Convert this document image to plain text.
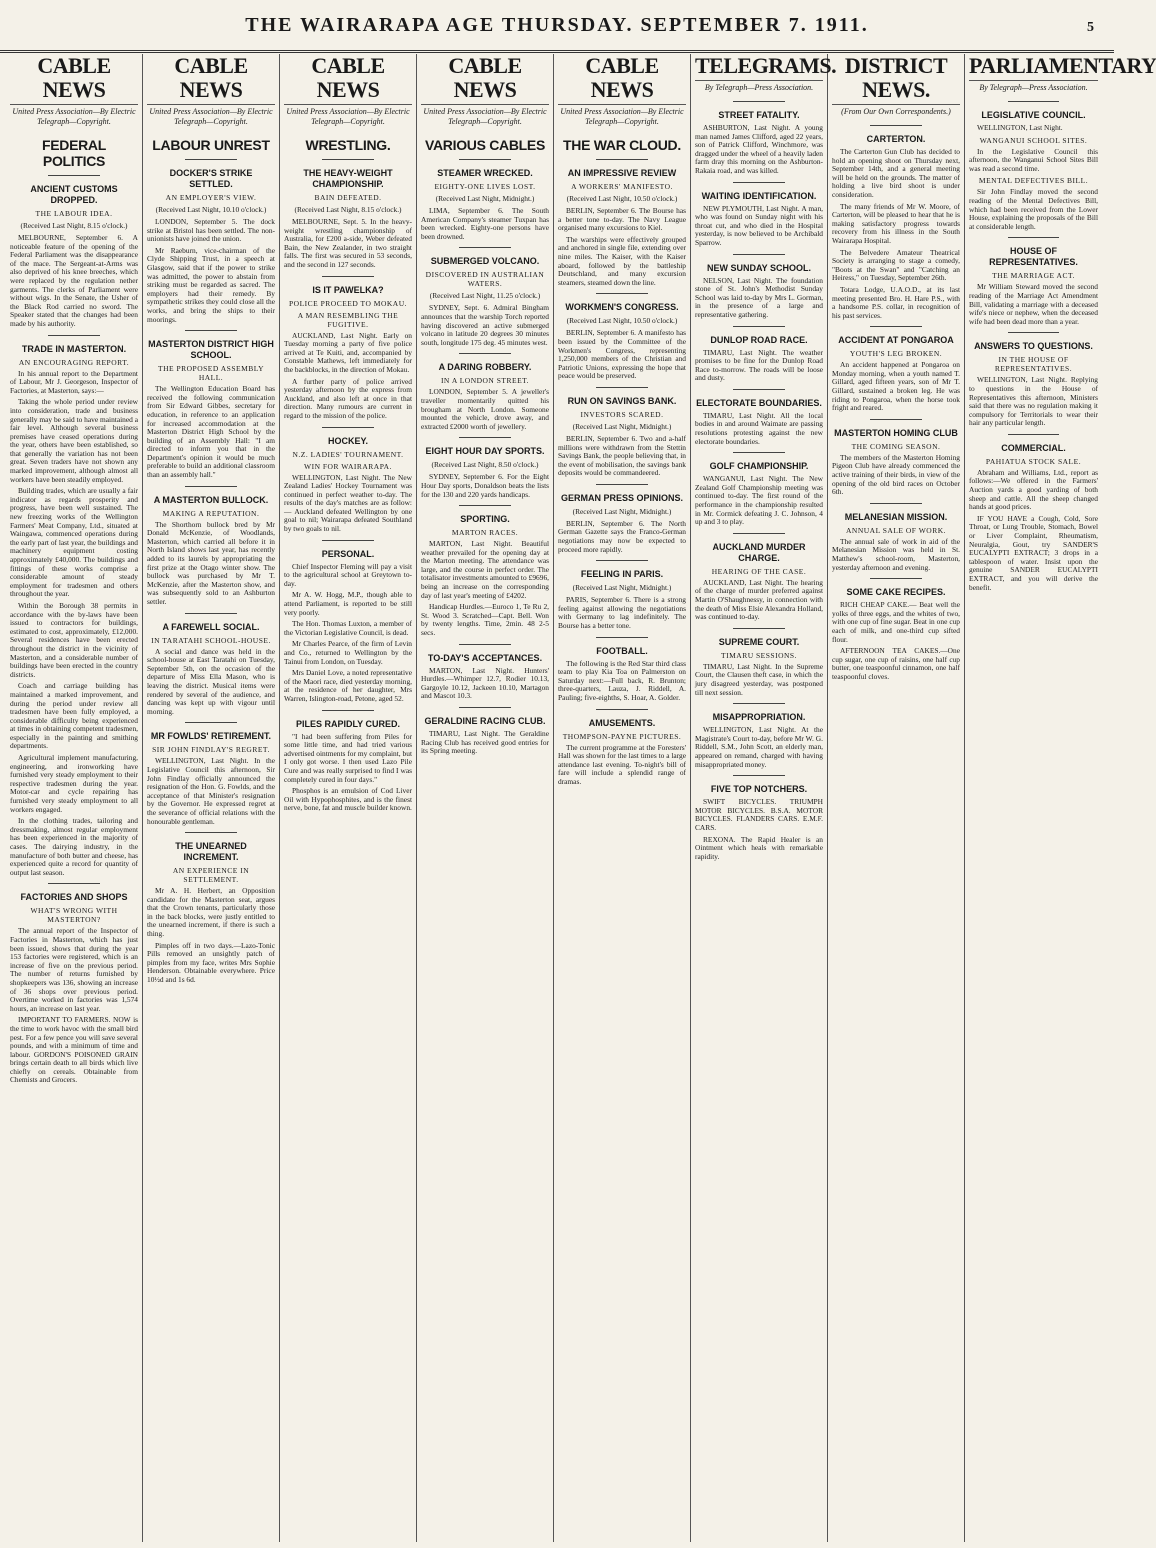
THE WAIRARAPA AGE THURSDAY. SEPTEMBER 7. 1911.	5
CABLE NEWS
United Press Association—By Electric Telegraph—Copyright.
FEDERAL POLITICS
ANCIENT CUSTOMS DROPPED.
THE LABOUR IDEA.
(Received Last Night, 8.15 o'clock.)

MELBOURNE, September 6. A noticeable feature of the opening of the Federal Parliament was the disappearance of the mace. The Sergeant-at-Arms was also deprived of his knee breeches, which were replaced by the regulation nether garments. The clerks of Parliament were without wigs. In the Senate, the Usher of the Black Rod carried no sword. The Speaker stated that the changes had been made by his authority.

TRADE IN MASTERTON.
AN ENCOURAGING REPORT.

In his annual report to the Department of Labour, Mr J. Georgeson, Inspector of Factories, at Masterton, says:—

Taking the whole period under review into consideration, trade and business generally may be said to have maintained a fair level. Although several business premises have ceased operations during the year, others have been established, so that generally the variation has not been great. Seven traders have not shown any marked improvement, although almost all workers have been steadily employed.

Building trades, which are usually a fair indicator as regards prosperity and progress, have been well sustained. The new freezing works of the Wellington Farmers' Meat Company, Ltd., situated at Waingawa, commenced operations during the early part of last year, the buildings and machinery equipment costing approximately £40,000. The buildings and fittings of these works comprise a considerable amount of steady employment for tradesmen and others throughout the year.

Within the Borough 38 permits in accordance with the by-laws have been issued to contractors for buildings, estimated to cost, approximately, £12,000. Several residences have been erected throughout the district in the vicinity of Masterton, and a considerable number of buildings have been erected in the country districts.

Coach and carriage building has maintained a marked improvement, and during the period under review all tradesmen have been fully employed, a considerable difficulty being experienced at times in obtaining competent tradesmen, especially in the painting and smithing departments.

Agricultural implement manufacturing, engineering, and ironworking have furnished very steady employment to their respective tradesmen during the year. Motor-car and cycle repairing has furnished very steady employment to all workers engaged.

In the clothing trades, tailoring and dressmaking, almost regular employment has been experienced in the majority of cases. The dairying industry, in the manufacture of both butter and cheese, has experienced quite a record for quantity of output last season.

FACTORIES AND SHOPS
WHAT'S WRONG WITH MASTERTON?

The annual report of the Inspector of Factories in Masterton, which has just been issued, shows that during the year 153 factories were registered, which is an increase of five on the previous period. The number of returns furnished by shopkeepers was 136, showing an increase of 36 shops over previous period. Overtime worked in factories was 1,574 hours, an increase on last year.

IMPORTANT TO FARMERS. NOW is the time to work havoc with the small bird pest. For a few pence you will save several pounds, and with a minimum of time and labour. GORDON'S POISONED GRAIN brings certain death to all birds which live chiefly on cereals. Obtainable from Chemists and Grocers.

CABLE NEWS
United Press Association—By Electric Telegraph—Copyright.
LABOUR UNREST
DOCKER'S STRIKE SETTLED.
AN EMPLOYER'S VIEW.
(Received Last Night, 10.10 o'clock.)

LONDON, September 5. The dock strike at Bristol has been settled. The non-unionists have joined the union.

Mr Raeburn, vice-chairman of the Clyde Shipping Trust, in a speech at Glasgow, said that if the power to strike was admitted, the power to abstain from striking must be regarded as sacred. The employers had their remedy. By sympathetic strikes they could close all the works, and bring the ships to their moorings.

MASTERTON DISTRICT HIGH SCHOOL.
THE PROPOSED ASSEMBLY HALL.

The Wellington Education Board has received the following communication from Sir Edward Gibbes, secretary for education, in reference to an application for increased accommodation at the Masterton District High School by the building of an Assembly Hall: "I am directed to inform you that in the Department's opinion it would be much preferable to build an additional classroom than an assembly hall."

A MASTERTON BULLOCK.
MAKING A REPUTATION.

The Shorthorn bullock bred by Mr Donald McKenzie, of Woodlands, Masterton, which carried all before it in North Island shows last year, has recently added to its laurels by appropriating the first prize at the Otago winter show. The bullock was purchased by Mr T. McKenzie, after the Masterton show, and was subsequently sold to an Ashburton settler.

A FAREWELL SOCIAL.
IN TARATAHI SCHOOL-HOUSE.

A social and dance was held in the school-house at East Taratahi on Tuesday, September 5th, on the occasion of the departure of Miss Ella Mason, who is leaving the district. Musical items were rendered by several of the audience, and dancing was kept up with vigour until morning.

MR FOWLDS' RETIREMENT.
SIR JOHN FINDLAY'S REGRET.

WELLINGTON, Last Night. In the Legislative Council this afternoon, Sir John Findlay officially announced the resignation of the Hon. G. Fowlds, and the acceptance of that Minister's resignation by the Governor. He expressed regret at the severance of official relations with the honourable gentleman.

THE UNEARNED INCREMENT.
AN EXPERIENCE IN SETTLEMENT.

Mr A. H. Herbert, an Opposition candidate for the Masterton seat, argues that the Crown tenants, particularly those in the back blocks, were justly entitled to the unearned increment, if there is such a thing.

Pimples off in two days.—Lazo-Tonic Pills removed an unsightly patch of pimples from my face, writes Mrs Sophie Henderson. Obtainable everywhere. Price 10½d and 1s 6d.

CABLE NEWS
United Press Association—By Electric Telegraph—Copyright.
WRESTLING.
THE HEAVY-WEIGHT CHAMPIONSHIP.
BAIN DEFEATED.
(Received Last Night, 8.15 o'clock.)

MELBOURNE, Sept. 5. In the heavy-weight wrestling championship of Australia, for £200 a-side, Weber defeated Bain, the New Zealander, in two straight falls. The first was secured in 53 seconds, and the second in 127 seconds.

IS IT PAWELKA?
POLICE PROCEED TO MOKAU.
A MAN RESEMBLING THE FUGITIVE.

AUCKLAND, Last Night. Early on Tuesday morning a party of five police arrived at Te Kuiti, and, accompanied by Constable Mathews, left immediately for the backblocks, in the direction of Mokau.

A further party of police arrived yesterday afternoon by the express from Auckland, and also left at once in that direction. Many rumours are current in regard to the mission of the police.

HOCKEY.
N.Z. LADIES' TOURNAMENT.
WIN FOR WAIRARAPA.

WELLINGTON, Last Night. The New Zealand Ladies' Hockey Tournament was continued in perfect weather to-day. The results of the day's matches are as follow:— Auckland defeated Wellington by one goal to nil; Wairarapa defeated Southland by two goals to nil.

PERSONAL.

Chief Inspector Fleming will pay a visit to the agricultural school at Greytown to-day.

Mr A. W. Hogg, M.P., though able to attend Parliament, is reported to be still very poorly.

The Hon. Thomas Luxton, a member of the Victorian Legislative Council, is dead.

Mr Charles Pearce, of the firm of Levin and Co., returned to Wellington by the Tainui from London, on Tuesday.

Mrs Daniel Love, a noted representative of the Maori race, died yesterday morning, at the residence of her daughter, Mrs Warren, Islington-road, Petone, aged 52.

PILES RAPIDLY CURED.

"I had been suffering from Piles for some little time, and had tried various advertised ointments for my complaint, but I only got worse. I then used Lazo Pile Cure and was really surprised to find I was completely cured in four days."

Phosphos is an emulsion of Cod Liver Oil with Hypophosphites, and is the finest nerve, bone, fat and muscle builder known.

CABLE NEWS
United Press Association—By Electric Telegraph—Copyright.
VARIOUS CABLES
STEAMER WRECKED.
EIGHTY-ONE LIVES LOST.
(Received Last Night, Midnight.)

LIMA, September 6. The South American Company's steamer Tuxpan has been wrecked. Eighty-one persons have been drowned.

SUBMERGED VOLCANO.
DISCOVERED IN AUSTRALIAN WATERS.
(Received Last Night, 11.25 o'clock.)

SYDNEY, Sept. 6. Admiral Bingham announces that the warship Torch reported having discovered an active submerged volcano in latitude 20 degrees 30 minutes south, longitude 175 deg. 45 minutes west.

A DARING ROBBERY.
IN A LONDON STREET.

LONDON, September 5. A jeweller's traveller momentarily quitted his brougham at North London. Someone mounted the vehicle, drove away, and extracted £2000 worth of jewellery.

EIGHT HOUR DAY SPORTS.
(Received Last Night, 8.50 o'clock.)

SYDNEY, September 6. For the Eight Hour Day sports, Donaldson beats the lists for the 130 and 220 yards handicaps.

SPORTING.
MARTON RACES.

MARTON, Last Night. Beautiful weather prevailed for the opening day at the Marton meeting. The attendance was large, and the course in perfect order. The totalisator investments amounted to £9696, being an increase on the corresponding day of last year's meeting of £4202.

Handicap Hurdles.—Euroco 1, Te Ru 2, St. Wood 3. Scratched—Capt. Bell. Won by twenty lengths. Time, 2min. 48 2-5 secs.

TO-DAY'S ACCEPTANCES.

MARTON, Last Night. Hunters' Hurdles.—Whimper 12.7, Rodier 10.13, Gargoyle 10.12, Jackeen 10.10, Martagon and Mascot 10.3.

GERALDINE RACING CLUB.

TIMARU, Last Night. The Geraldine Racing Club has received good entries for its Spring meeting.

CABLE NEWS
United Press Association—By Electric Telegraph—Copyright.
THE WAR CLOUD.
AN IMPRESSIVE REVIEW
A WORKERS' MANIFESTO.
(Received Last Night, 10.50 o'clock.)

BERLIN, September 6. The Bourse has a better tone to-day. The Navy League organised many excursions to Kiel.

The warships were effectively grouped and anchored in single file, extending over nine miles. The Kaiser, with the Kaiser aboard, followed by the battleship Deutschland, and many excursion steamers, steamed down the line.

WORKMEN'S CONGRESS.
(Received Last Night, 10.50 o'clock.)

BERLIN, September 6. A manifesto has been issued by the Committee of the Workmen's Congress, representing 1,250,000 members of the Christian and Patriotic Unions, expressing the hope that peace would be preserved.

RUN ON SAVINGS BANK.
INVESTORS SCARED.
(Received Last Night, Midnight.)

BERLIN, September 6. Two and a-half millions were withdrawn from the Stettin Savings Bank, the people believing that, in the event of mobilisation, the savings bank deposits would be commandeered.

GERMAN PRESS OPINIONS.
(Received Last Night, Midnight.)

BERLIN, September 6. The North German Gazette says the Franco-German negotiations may now be expected to proceed more rapidly.

FEELING IN PARIS.
(Received Last Night, Midnight.)

PARIS, September 6. There is a strong feeling against allowing the negotiations with Germany to lag indefinitely. The Bourse has a better tone.

FOOTBALL.

The following is the Red Star third class team to play Kia Toa on Palmerston on Saturday next:—Full back, R. Brunton; three-quarters, Lauza, J. Riddell, A. Pauling; five-eighths, S. Hoar, A. Golder.

AMUSEMENTS.
THOMPSON-PAYNE PICTURES.

The current programme at the Foresters' Hall was shown for the last times to a large attendance last evening. To-night's bill of fare will include a splendid range of dramas.

TELEGRAMS.
By Telegraph—Press Association.
STREET FATALITY.

ASHBURTON, Last Night. A young man named James Clifford, aged 22 years, son of Patrick Clifford, Winchmore, was dragged under the wheel of a heavily laden farm dray this morning on the Ashburton-Rakaia road, and was killed.

WAITING IDENTIFICATION.

NEW PLYMOUTH, Last Night. A man, who was found on Sunday night with his throat cut, and who died in the Hospital yesterday, is now believed to be Archibald Sparrow.

NEW SUNDAY SCHOOL.

NELSON, Last Night. The foundation stone of St. John's Methodist Sunday School was laid to-day by Mrs L. Gorman, in the presence of a large and representative gathering.

DUNLOP ROAD RACE.

TIMARU, Last Night. The weather promises to be fine for the Dunlop Road Race to-morrow. The roads will be loose and dusty.

ELECTORATE BOUNDARIES.

TIMARU, Last Night. All the local bodies in and around Waimate are passing resolutions protesting against the new electorate boundaries.

GOLF CHAMPIONSHIP.

WANGANUI, Last Night. The New Zealand Golf Championship meeting was continued to-day. The first round of the performance in the championship resulted in Mr. Cormick defeating J. C. Johnson, 4 up and 3 to play.

AUCKLAND MURDER CHARGE.
HEARING OF THE CASE.

AUCKLAND, Last Night. The hearing of the charge of murder preferred against Martin O'Shaughnessy, in connection with the death of Miss Elsie Alexandra Holland, was continued to-day.

SUPREME COURT.
TIMARU SESSIONS.

TIMARU, Last Night. In the Supreme Court, the Clausen theft case, in which the jury disagreed yesterday, was postponed till next session.

MISAPPROPRIATION.

WELLINGTON, Last Night. At the Magistrate's Court to-day, before Mr W. G. Riddell, S.M., John Scott, an elderly man, appeared on remand, charged with having misappropriated money.

FIVE TOP NOTCHERS.

SWIFT BICYCLES. TRIUMPH MOTOR BICYCLES. B.S.A. MOTOR BICYCLES. FLANDERS CARS. E.M.F. CARS.

REXONA. The Rapid Healer is an Ointment which heals with remarkable rapidity.

DISTRICT NEWS.
(From Our Own Correspondents.)
CARTERTON.

The Carterton Gun Club has decided to hold an opening shoot on Thursday next, September 14th, and a general meeting will be held on the grounds. The matter of holding a live bird shoot is under consideration.

The many friends of Mr W. Moore, of Carterton, will be pleased to hear that he is making satisfactory progress towards recovery from his illness in the South Wairarapa Hospital.

The Belvedere Amateur Theatrical Society is arranging to stage a comedy, "Boots at the Swan" and "Catching an Heiress," on Tuesday, September 26th.

Totara Lodge, U.A.O.D., at its last meeting presented Bro. H. Hare P.S., with a handsome P.S. collar, in recognition of his past services.

ACCIDENT AT PONGAROA
YOUTH'S LEG BROKEN.

An accident happened at Pongaroa on Monday morning, when a youth named T. Gillard, aged fifteen years, son of Mr T. Gillard, sustained a broken leg. He was riding to Pongaroa, when the horse took fright and reared.

MASTERTON HOMING CLUB
THE COMING SEASON.

The members of the Masterton Homing Pigeon Club have already commenced the active training of their birds, in view of the opening of the old bird races on October 6th.

MELANESIAN MISSION.
ANNUAL SALE OF WORK.

The annual sale of work in aid of the Melanesian Mission was held in St. Matthew's school-room, Masterton, yesterday afternoon and evening.

SOME CAKE RECIPES.

RICH CHEAP CAKE.— Beat well the yolks of three eggs, and the whites of two, with one cup of fine sugar. Beat in one cup each of milk, and one-third cup sifted flour.

AFTERNOON TEA CAKES.—One cup sugar, one cup of raisins, one half cup butter, one teaspoonful cinnamon, one half teaspoonful cloves.

PARLIAMENTARY
By Telegraph—Press Association.
LEGISLATIVE COUNCIL.

WELLINGTON, Last Night.

WANGANUI SCHOOL SITES.

In the Legislative Council this afternoon, the Wanganui School Sites Bill was read a second time.

MENTAL DEFECTIVES BILL.

Sir John Findlay moved the second reading of the Mental Defectives Bill, which had been received from the Lower House, explaining the proposals of the Bill at considerable length.

HOUSE OF REPRESENTATIVES.
THE MARRIAGE ACT.

Mr William Steward moved the second reading of the Marriage Act Amendment Bill, validating a marriage with a deceased wife's niece or nephew, when the deceased wife had been dead more than a year.

ANSWERS TO QUESTIONS.
IN THE HOUSE OF REPRESENTATIVES.

WELLINGTON, Last Night. Replying to questions in the House of Representatives this afternoon, Ministers said that there was no regulation making it compulsory for Territorials to wear their hair any particular length.

COMMERCIAL.
PAHIATUA STOCK SALE.

Abraham and Williams, Ltd., report as follows:—We offered in the Farmers' Auction yards a good yarding of both sheep and cattle. All the sheep changed hands at good prices.

IF YOU HAVE a Cough, Cold, Sore Throat, or Lung Trouble, Stomach, Bowel or Liver Complaint, Rheumatism, Neuralgia, Gout, try SANDER'S EUCALYPTI EXTRACT; 3 drops in a tablespoon of water. Insist upon the genuine SANDER EUCALYPTI EXTRACT, and you will derive the benefit.
